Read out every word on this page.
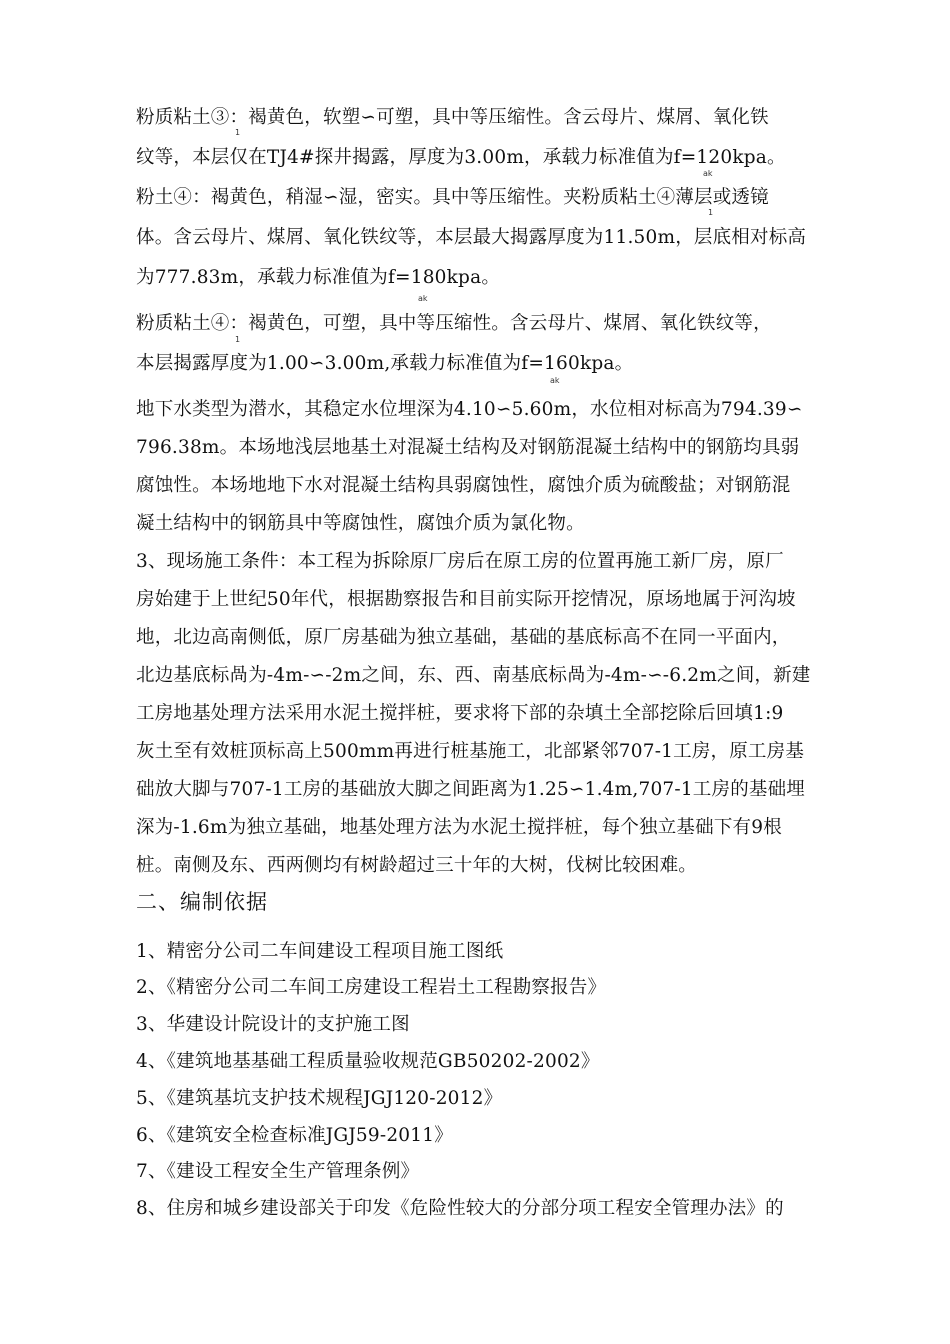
粉质粘土③：褐黄色，软塑∽可塑，具中等压缩性。含云母片、煤屑、氧化铁
1
纹等，本层仅在TJ4#探井揭露，厚度为3.00m，承载力标准值为f=120kpa。
ak
粉土④：褐黄色，稍湿∽湿，密实。具中等压缩性。夹粉质粘土④薄层或透镜
1
体。含云母片、煤屑、氧化铁纹等，本层最大揭露厚度为11.50m，层底相对标高
为777.83m，承载力标准值为f=180kpa。
ak
粉质粘土④：褐黄色，可塑，具中等压缩性。含云母片、煤屑、氧化铁纹等，
1
本层揭露厚度为1.00∽3.00m,承载力标准值为f=160kpa。
ak
地下水类型为潜水，其稳定水位埋深为4.10∽5.60m，水位相对标高为794.39∽
796.38m。本场地浅层地基土对混凝土结构及对钢筋混凝土结构中的钢筋均具弱
腐蚀性。本场地地下水对混凝土结构具弱腐蚀性，腐蚀介质为硫酸盐；对钢筋混
凝土结构中的钢筋具中等腐蚀性，腐蚀介质为氯化物。
3、现场施工条件：本工程为拆除原厂房后在原工房的位置再施工新厂房，原厂
房始建于上世纪50年代，根据勘察报告和目前实际开挖情况，原场地属于河沟坡
地，北边高南侧低，原厂房基础为独立基础，基础的基底标高不在同一平面内，
北边基底标咼为-4m-∽-2m之间，东、西、南基底标咼为-4m-∽-6.2m之间，新建
工房地基处理方法采用水泥土搅拌桩，要求将下部的杂填土全部挖除后回填1:9
灰土至有效桩顶标高上500mm再进行桩基施工，北部紧邻707-1工房，原工房基
础放大脚与707-1工房的基础放大脚之间距离为1.25∽1.4m,707-1工房的基础埋
深为-1.6m为独立基础，地基处理方法为水泥土搅拌桩，每个独立基础下有9根
桩。南侧及东、西两侧均有树龄超过三十年的大树，伐树比较困难。
二、编制依据
1、精密分公司二车间建设工程项目施工图纸
2、《精密分公司二车间工房建设工程岩土工程勘察报告》
3、华建设计院设计的支护施工图
4、《建筑地基基础工程质量验收规范GB50202-2002》
5、《建筑基坑支护技术规程JGJ120-2012》
6、《建筑安全检查标准JGJ59-2011》
7、《建设工程安全生产管理条例》
8、住房和城乡建设部关于印发《危险性较大的分部分项工程安全管理办法》的
